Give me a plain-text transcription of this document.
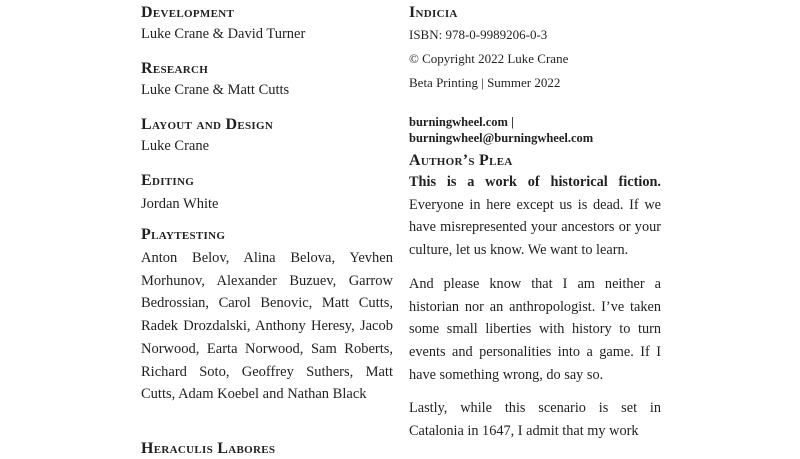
Development

Luke Crane & David Turner

Research

Luke Crane & Matt Cutts

Layout and Design

Luke Crane

Editing

Jordan White

Playtesting

Anton Belov, Alina Belova, Yevhen Morhunov, Alexander Buzuev, Garrow Bedrossian, Carol Benovic, Matt Cutts, Radek Drozdalski, Anthony Heresy, Jacob Norwood, Earta Norwood, Sam Roberts, Richard Soto, Geoffrey Suthers, Matt Cutts, Adam Koebel and Nathan Black

Heraculis Labores
Indicia

ISBN: 978-0-9989206-0-3

© Copyright 2022 Luke Crane

Beta Printing | Summer 2022

burningwheel.com |

burningwheel@burningwheel.com

Author’s Plea

This is a work of historical fiction. Everyone in here except us is dead. If we have misrepresented your ancestors or your culture, let us know. We want to learn.

And please know that I am neither a historian nor an anthropologist. I’ve taken some small liberties with history to turn events and personalities into a game. If I have something wrong, do say so.

Lastly, while this scenario is set in Catalonia in 1647, I admit that my work
